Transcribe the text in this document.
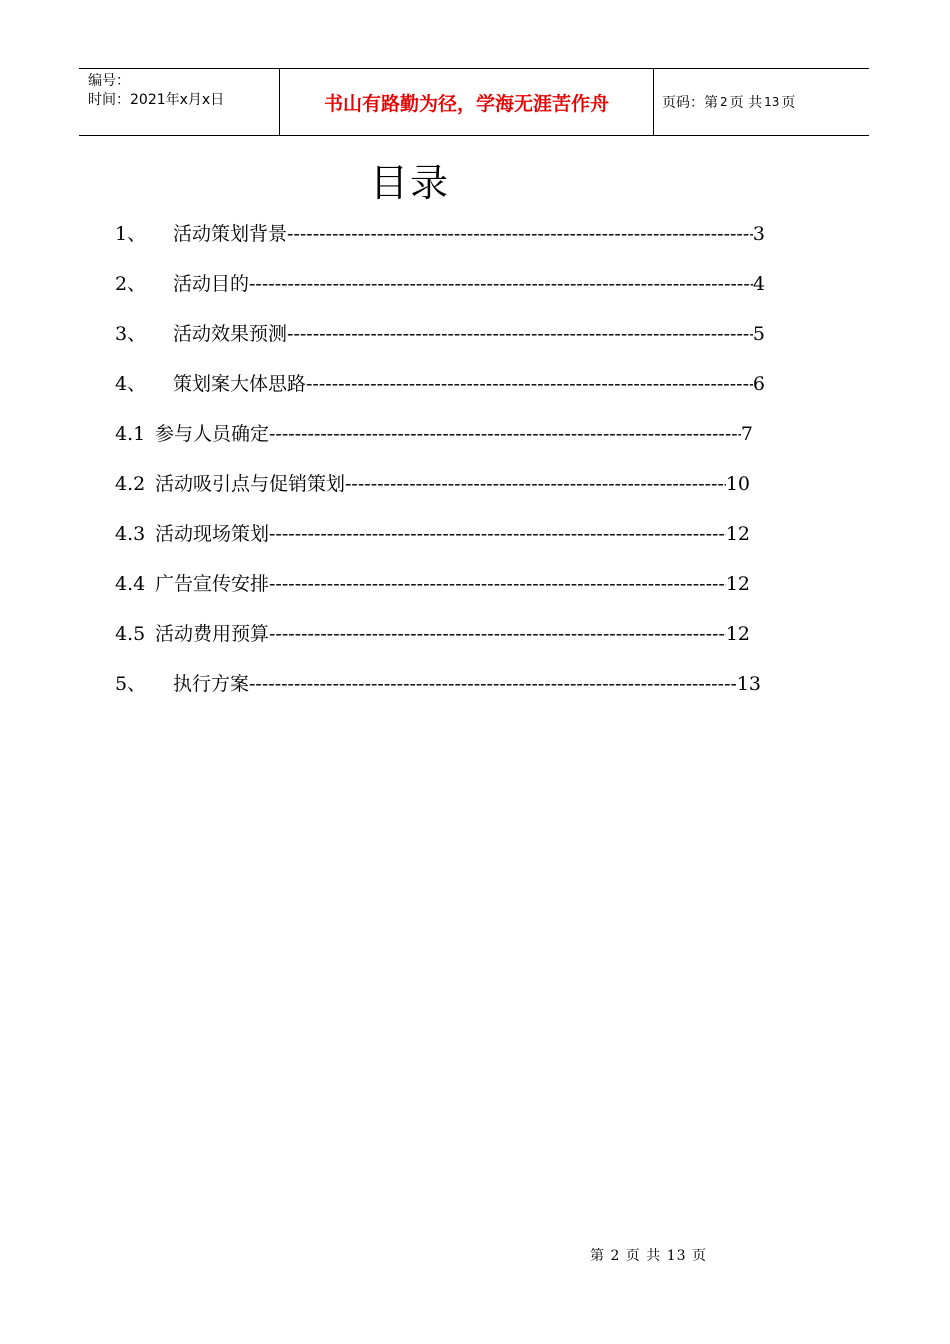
编号：
时间：2021年x月x日	书山有路勤为径，学海无涯苦作舟	页码：第 2 页 共 13 页
目录
1、	活动策划背景 -----	3
2、	活动目的 -----	4
3、	活动效果预测 -----	5
4、	策划案大体思路 -----	6
4.1 参与人员确定 -----	7
4.2 活动吸引点与促销策划 -----	10
4.3 活动现场策划 -----	12
4.4 广告宣传安排 -----	12
4.5 活动费用预算 -----	12
5、	执行方案 -----	13
第 2 页 共 13 页
